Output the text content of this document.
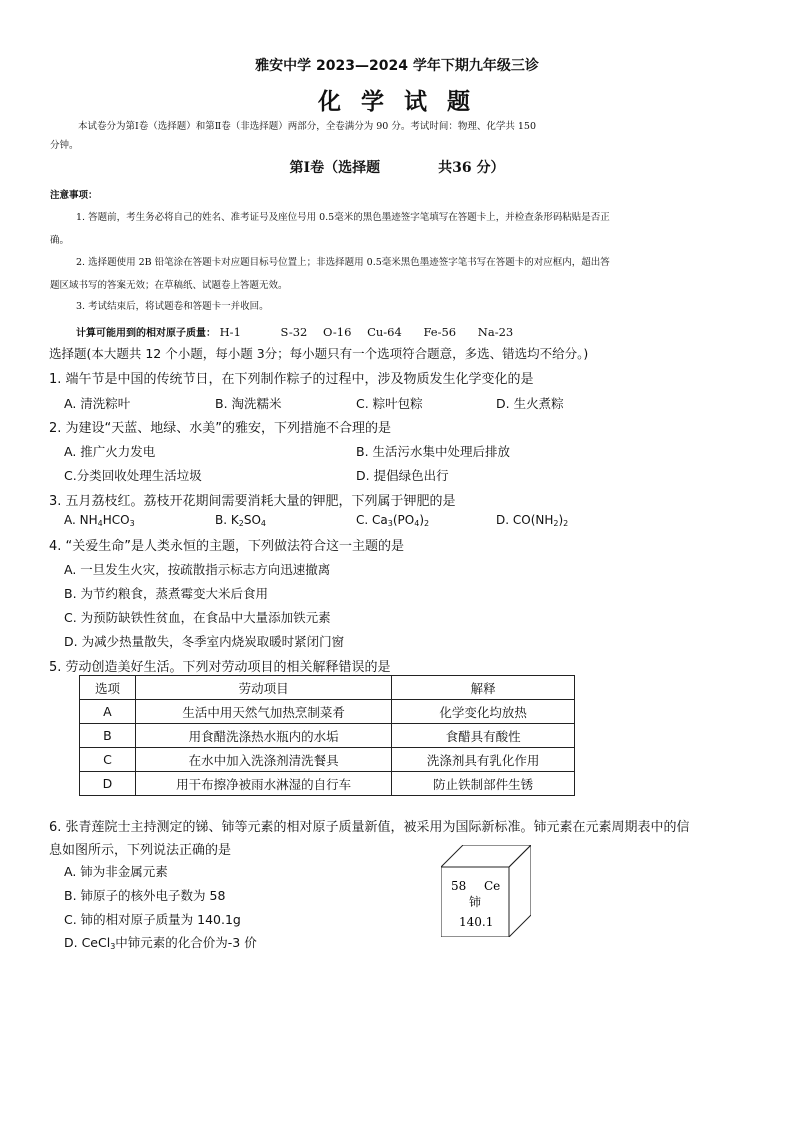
雅安中学 2023—2024 学年下期九年级三诊
化 学 试 题
本试卷分为第Ⅰ卷（选择题）和第Ⅱ卷（非选择题）两部分，全卷满分为 90 分。考试时间：物理、化学共 150
分钟。
第Ⅰ卷（选择题	共36 分）
注意事项：
1. 答题前，考生务必将自己的姓名、准考证号及座位号用 0.5毫米的黑色墨迹签字笔填写在答题卡上，并检查条形码粘贴是否正
确。
2. 选择题使用 2B 铅笔涂在答题卡对应题目标号位置上；非选择题用 0.5毫米黑色墨迹签字笔书写在答题卡的对应框内，超出答
题区域书写的答案无效；在草稿纸、试题卷上答题无效。
3. 考试结束后，将试题卷和答题卡一并收回。
计算可能用到的相对原子质量： H-1	S-32 O-16 Cu-64 Fe-56 Na-23
选择题(本大题共 12 个小题，每小题 3分；每小题只有一个选项符合题意，多选、错选均不给分。)
1. 端午节是中国的传统节日，在下列制作粽子的过程中，涉及物质发生化学变化的是
A. 清洗粽叶	B. 淘洗糯米	C. 粽叶包粽	D. 生火煮粽
2. 为建设“天蓝、地绿、水美”的雅安，下列措施不合理的是
A. 推广火力发电	B. 生活污水集中处理后排放
C.分类回收处理生活垃圾	D. 提倡绿色出行
3. 五月荔枝红。荔枝开花期间需要消耗大量的钾肥，下列属于钾肥的是
A. $NH_4HCO_3$	B. $K_2SO_4$	C. $Ca_3(PO_4)_2$	D. $CO(NH_2)_2$
4. “关爱生命”是人类永恒的主题，下列做法符合这一主题的是
A. 一旦发生火灾，按疏散指示标志方向迅速撤离
B. 为节约粮食，蒸煮霉变大米后食用
C. 为预防缺铁性贫血，在食品中大量添加铁元素
D. 为减少热量散失，冬季室内烧炭取暖时紧闭门窗
5. 劳动创造美好生活。下列对劳动项目的相关解释错误的是
选项	劳动项目	解释
A	生活中用天然气加热烹制菜肴	化学变化均放热
B	用食醋洗涤热水瓶内的水垢	食醋具有酸性
C	在水中加入洗涤剂清洗餐具	洗涤剂具有乳化作用
D	用干布擦净被雨水淋湿的自行车	防止铁制部件生锈
6. 张青莲院士主持测定的锑、铈等元素的相对原子质量新值，被采用为国际新标准。铈元素在元素周期表中的信
息如图所示，下列说法正确的是
A. 铈为非金属元素
B. 铈原子的核外电子数为 58
C. 铈的相对原子质量为 140.1g
D. CeCl$_3$中铈元素的化合价为-3 价
58 Ce
铈
140.1
